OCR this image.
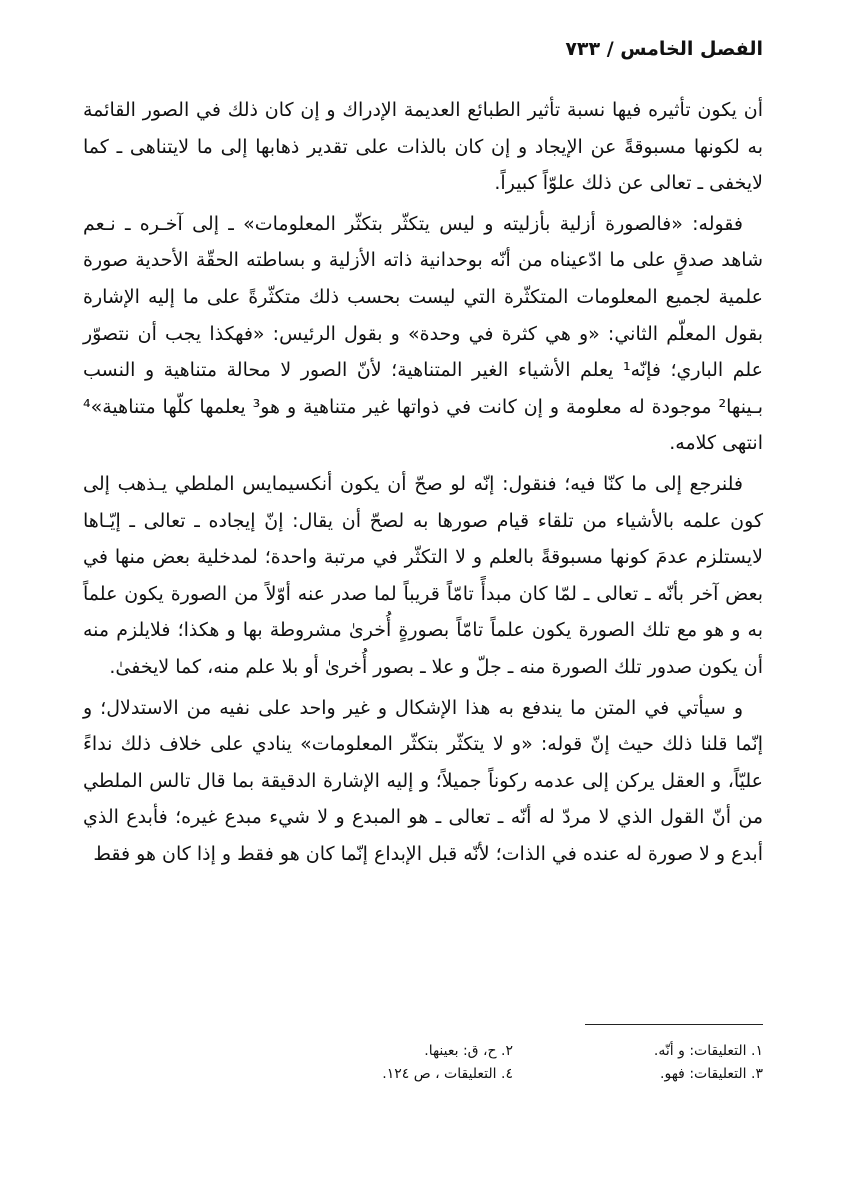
الفصل الخامس / ٧٣٣

أن يكون تأثيره فيها نسبة تأثير الطبائع العديمة الإدراك و إن كان ذلك في الصور القائمة به لكونها مسبوقةً عن الإيجاد و إن كان بالذات على تقدير ذهابها إلى ما لايتناهى ـ كما لايخفى ـ تعالى عن ذلك علوّاً كبيراً.

فقوله: «فالصورة أزلية بأزليته و ليس يتكثّر بتكثّر المعلومات» ـ إلى آخـره ـ نـعم شاهد صدقٍ على ما ادّعيناه من أنّه بوحدانية ذاته الأزلية و بساطته الحقّة الأحدية صورة علمية لجميع المعلومات المتكثّرة التي ليست بحسب ذلك متكثّرةً على ما إليه الإشارة بقول المعلّم الثاني: «و هي كثرة في وحدة» و بقول الرئيس: «فهكذا يجب أن نتصوّر علم الباري؛ فإنّه¹ يعلم الأشياء الغير المتناهية؛ لأنّ الصور لا محالة متناهية و النسب بـينها² موجودة له معلومة و إن كانت في ذواتها غير متناهية و هو³ يعلمها كلّها متناهية»⁴ انتهى كلامه.

فلنرجع إلى ما كنّا فيه؛ فنقول: إنّه لو صحّ أن يكون أنكسيمايس الملطي يـذهب إلى كون علمه بالأشياء من تلقاء قيام صورها به لصحّ أن يقال: إنّ إيجاده ـ تعالى ـ إيّـاها لايستلزم عدمَ كونها مسبوقةً بالعلم و لا التكثّر في مرتبة واحدة؛ لمدخلية بعض منها في بعض آخر بأنّه ـ تعالى ـ لمّا كان مبدأً تامّاً قريباً لما صدر عنه أوّلاً من الصورة يكون علماً به و هو مع تلك الصورة يكون علماً تامّاً بصورةٍ أُخرىٰ مشروطة بها و هكذا؛ فلايلزم منه أن يكون صدور تلك الصورة منه ـ جلّ و علا ـ بصور أُخرىٰ أو بلا علم منه، كما لايخفىٰ.

و سيأتي في المتن ما يندفع به هذا الإشكال و غير واحد على نفيه من الاستدلال؛ و إنّما قلنا ذلك حيث إنّ قوله: «و لا يتكثّر بتكثّر المعلومات» ينادي على خلاف ذلك نداءً عليّاً، و العقل يركن إلى عدمه ركوناً جميلاً؛ و إليه الإشارة الدقيقة بما قال تالس الملطي من أنّ القول الذي لا مردّ له أنّه ـ تعالى ـ هو المبدع و لا شيء مبدع غيره؛ فأبدع الذي أبدع و لا صورة له عنده في الذات؛ لأنّه قبل الإبداع إنّما كان هو فقط و إذا كان هو فقط

١. التعليقات: و أنّه.
٢. ح، ق: بعينها.
٣. التعليقات: فهو.
٤. التعليقات ، ص ١٢٤.
